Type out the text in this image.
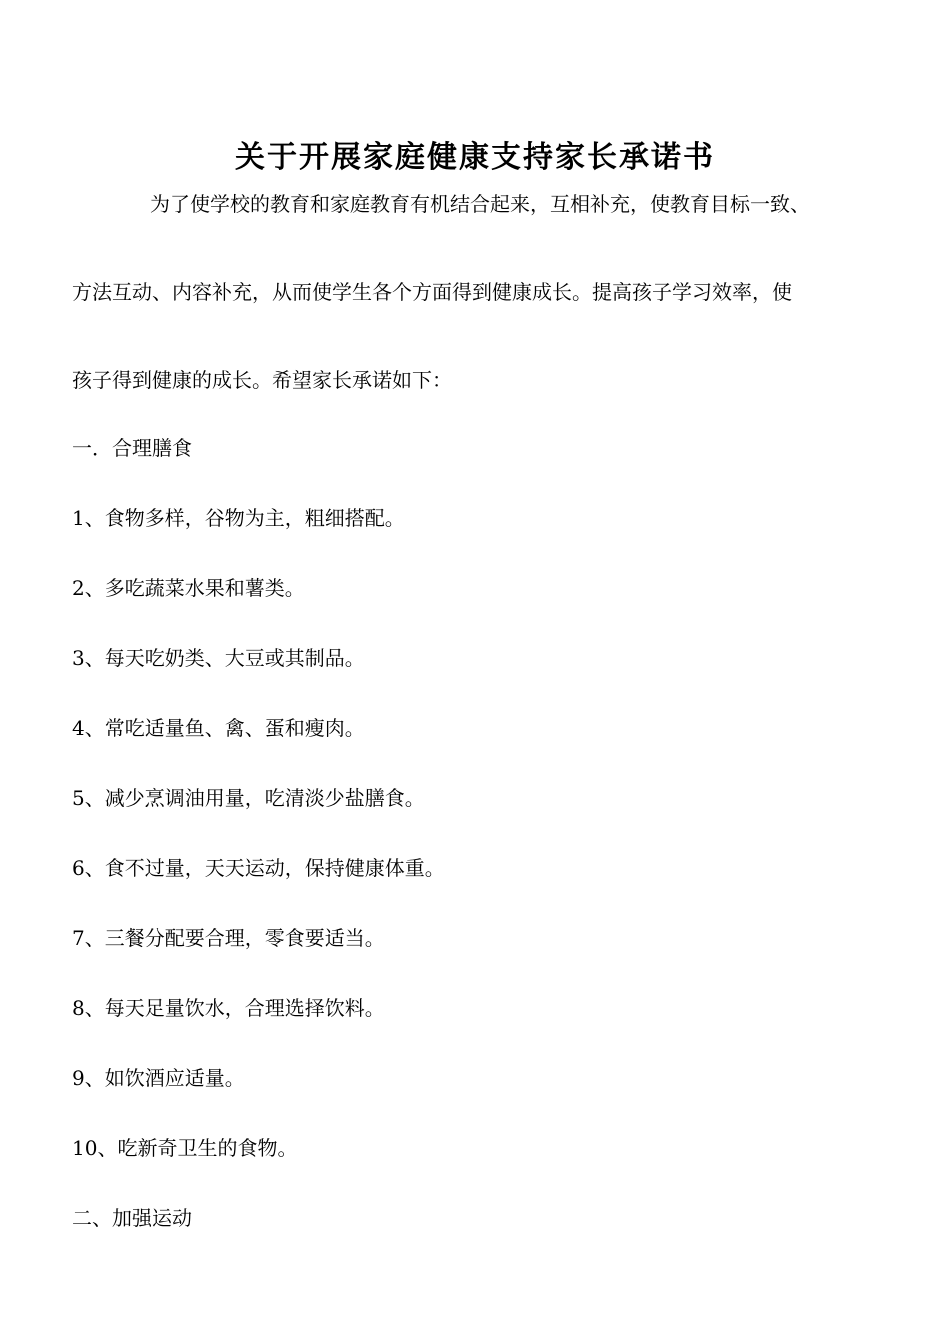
关于开展家庭健康支持家长承诺书
为了使学校的教育和家庭教育有机结合起来，互相补充，使教育目标一致、
方法互动、内容补充，从而使学生各个方面得到健康成长。提高孩子学习效率，使
孩子得到健康的成长。希望家长承诺如下：
一．合理膳食
1、食物多样，谷物为主，粗细搭配。
2、多吃蔬菜水果和薯类。
3、每天吃奶类、大豆或其制品。
4、常吃适量鱼、禽、蛋和瘦肉。
5、减少烹调油用量，吃清淡少盐膳食。
6、食不过量，天天运动，保持健康体重。
7、三餐分配要合理，零食要适当。
8、每天足量饮水，合理选择饮料。
9、如饮酒应适量。
10、吃新奇卫生的食物。
二、加强运动
